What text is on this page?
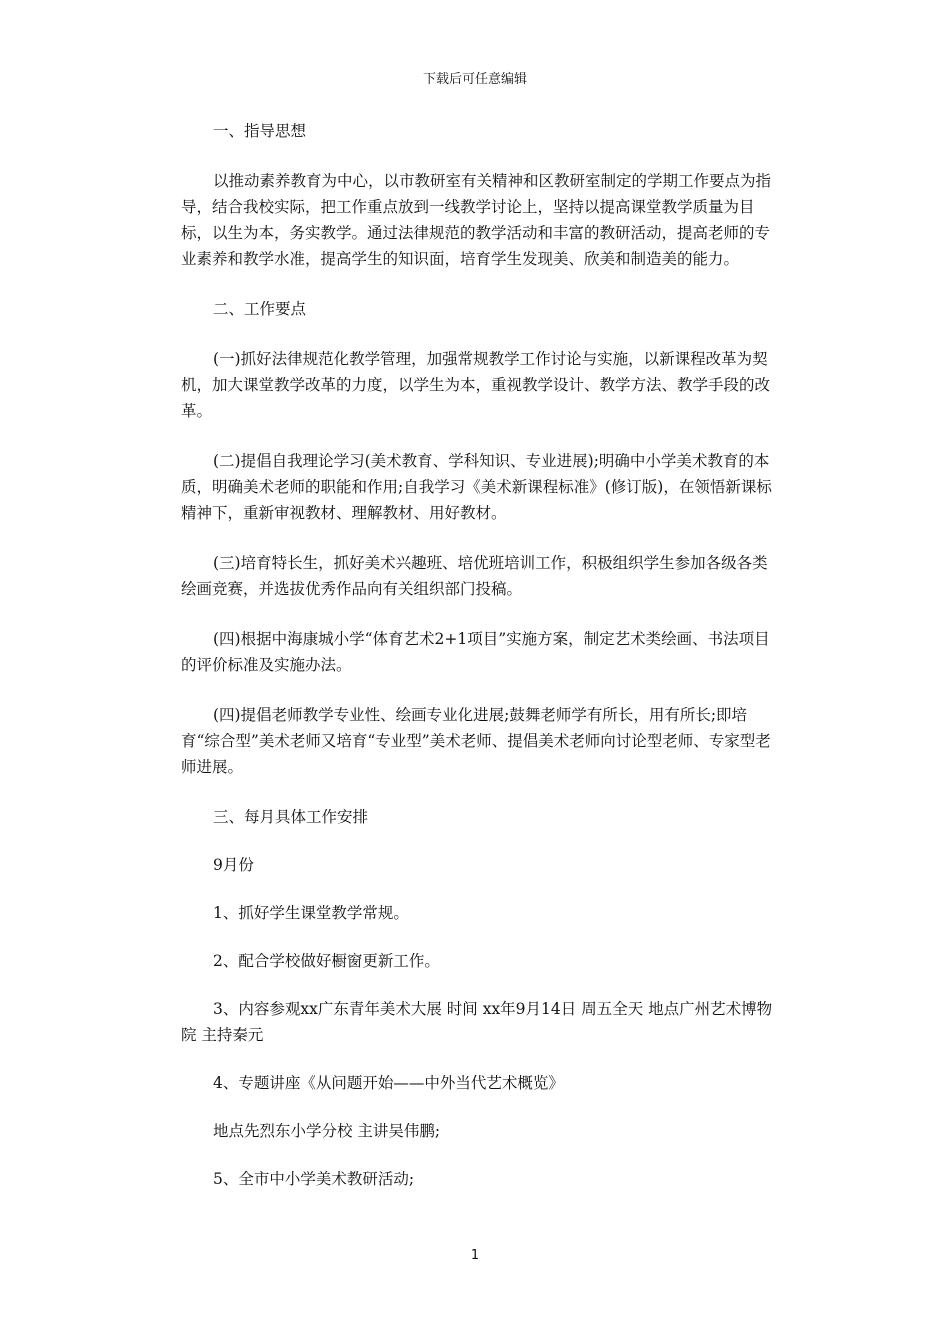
下载后可任意编辑

一、指导思想

以推动素养教育为中心，以市教研室有关精神和区教研室制定的学期工作要点为指导，结合我校实际，把工作重点放到一线教学讨论上，坚持以提高课堂教学质量为目标，以生为本，务实教学。通过法律规范的教学活动和丰富的教研活动，提高老师的专业素养和教学水准，提高学生的知识面，培育学生发现美、欣美和制造美的能力。

二、工作要点

(一)抓好法律规范化教学管理，加强常规教学工作讨论与实施，以新课程改革为契机，加大课堂教学改革的力度，以学生为本，重视教学设计、教学方法、教学手段的改革。

(二)提倡自我理论学习(美术教育、学科知识、专业进展);明确中小学美术教育的本质，明确美术老师的职能和作用;自我学习《美术新课程标准》(修订版)，在领悟新课标精神下，重新审视教材、理解教材、用好教材。

(三)培育特长生，抓好美术兴趣班、培优班培训工作，积极组织学生参加各级各类绘画竞赛，并选拔优秀作品向有关组织部门投稿。

(四)根据中海康城小学“体育艺术2+1项目”实施方案，制定艺术类绘画、书法项目的评价标准及实施办法。

(四)提倡老师教学专业性、绘画专业化进展;鼓舞老师学有所长，用有所长;即培育“综合型”美术老师又培育“专业型”美术老师、提倡美术老师向讨论型老师、专家型老师进展。

三、每月具体工作安排

9月份

1、抓好学生课堂教学常规。

2、配合学校做好橱窗更新工作。

3、内容参观xx广东青年美术大展 时间 xx年9月14日 周五全天 地点广州艺术博物院 主持秦元

4、专题讲座《从问题开始——中外当代艺术概览》

地点先烈东小学分校 主讲吴伟鹏;

5、全市中小学美术教研活动;

1
